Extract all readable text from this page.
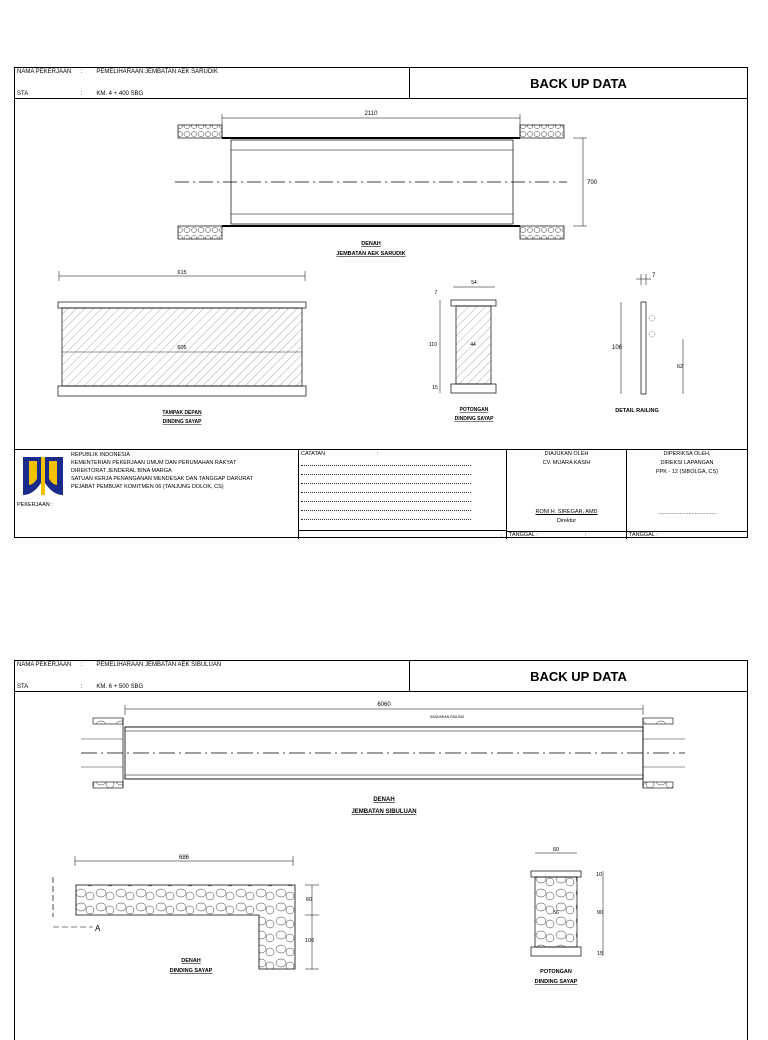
NAMA PEKERJAAN : PEMELIHARAAN JEMBATAN AEK SARUDIK
STA	: KM. 4 + 400 SBG
BACK UP DATA
2110
700
DENAH
JEMBATAN AEK SARUDIK
615
605
TAMPAK DEPAN
DINDING SAYAP
54
7
110
15
44
POTONGAN
DINDING SAYAP
7
106
62
DETAIL RAILING
REPUBLIK INDONESIA
KEMENTERIAN PEKERJAAN UMUM DAN PERUMAHAN RAKYAT
DIREKTORAT JENDERAL BINA MARGA
SATUAN KERJA PENANGANAN MENDESAK DAN TANGGAP DARURAT
PEJABAT PEMBUAT KOMITMEN 06 (TANJUNG DOLOK, CS)
PEKERJAAN :
CATATAN	:
:
DIAJUKAN OLEH
CV. MUARA KASIH
RONI H. SIREGAR, AMD
Direktur
TANGGAL :	:
DIPERIKSA OLEH,
DIREKSI LAPANGAN
PPK - 12 (SIBOLGA, CS)
......................................
TANGGAL :
NAMA PEKERJAAN : PEMELIHARAAN JEMBATAN AEK SIBULUAN
STA	: KM. 6 + 500 SBG
BACK UP DATA
6060
SANDARAN RAILING
DENAH
JEMBATAN SIBULUAN
686
A
60
106
DENAH
DINDING SAYAP
60
56
10
90
15
POTONGAN
DINDING SAYAP
